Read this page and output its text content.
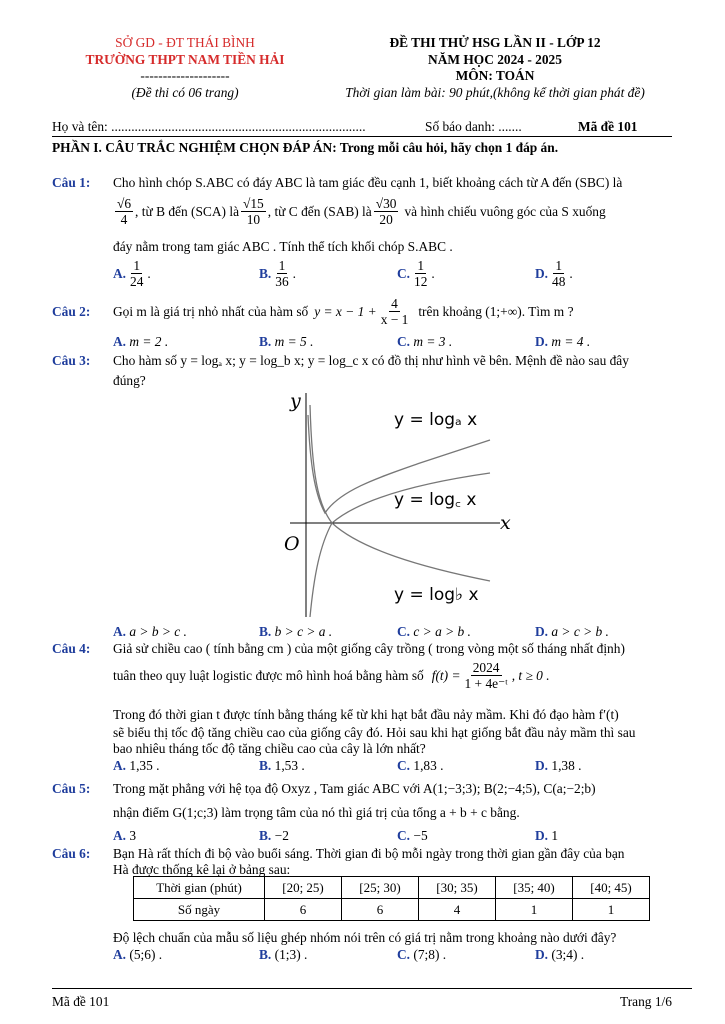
SỞ GD - ĐT THÁI BÌNH
TRƯỜNG THPT NAM TIỀN HẢI
--------------------
(Đề thi có 06 trang)
ĐỀ THI THỬ HSG LẦN II - LỚP 12
NĂM HỌC 2024 - 2025
MÔN: TOÁN
Thời gian làm bài: 90 phút,(không kể thời gian phát đề)
Họ và tên: ............................................................................	Số báo danh: .......	Mã đề 101
PHẦN I. CÂU TRẮC NGHIỆM CHỌN ĐÁP ÁN: Trong mỗi câu hỏi, hãy chọn 1 đáp án.
Câu 1: Cho hình chóp S.ABC có đáy ABC là tam giác đều cạnh 1, biết khoảng cách từ A đến (SBC) là
$\frac{√6}{4}$ , từ B đến (SCA) là $\frac{√15}{10}$ , từ C đến (SAB) là $\frac{√30}{20}$ và hình chiếu vuông góc của S xuống
đáy nằm trong tam giác ABC . Tính thể tích khối chóp S.ABC .
A. $\frac{1}{24}$ .	B. $\frac{1}{36}$ .	C. $\frac{1}{12}$ .	D. $\frac{1}{48}$ .
Câu 2: Gọi m là giá trị nhỏ nhất của hàm số $y = x - 1 + \frac{4}{x - 1}$ trên khoảng (1;+∞). Tìm m ?
A. m = 2 .	B. m = 5 .	C. m = 3 .	D. m = 4 .
Câu 3: Cho hàm số y = logₐ x; y = log_b x; y = log_c x có đồ thị như hình vẽ bên. Mệnh đề nào sau đây
đúng?
y
x
O
y = logₐ x
y = log꜀ x
y = log♭ x
A. a > b > c .	B. b > c > a .	C. c > a > b .	D. a > c > b .
Câu 4: Giả sử chiều cao ( tính bằng cm ) của một giống cây trồng ( trong vòng một số tháng nhất định)
tuân theo quy luật logistic được mô hình hoá bằng hàm số $f(t) = \frac{2024}{\text{1 + 4e⁻ᵗ}}$ , t ≥ 0 .
Trong đó thời gian t được tính bằng tháng kể từ khi hạt bắt đầu nảy mầm. Khi đó đạo hàm f′(t)
sẽ biểu thị tốc độ tăng chiều cao của giống cây đó. Hỏi sau khi hạt giống bắt đầu nảy mầm thì sau
bao nhiêu tháng tốc độ tăng chiều cao của cây là lớn nhất?
A. 1,35 .	B. 1,53 .	C. 1,83 .	D. 1,38 .
Câu 5: Trong mặt phẳng với hệ tọa độ Oxyz , Tam giác ABC với A(1;−3;3); B(2;−4;5), C(a;−2;b)
nhận điểm G(1;c;3) làm trọng tâm của nó thì giá trị của tổng a + b + c bằng.
A. 3	B. −2	C. −5	D. 1
Câu 6: Bạn Hà rất thích đi bộ vào buổi sáng. Thời gian đi bộ mỗi ngày trong thời gian gần đây của bạn
Hà được thống kê lại ở bảng sau:
Thời gian (phút)	[20; 25)	[25; 30)	[30; 35)	[35; 40)	[40; 45)
Số ngày	6	6	4	1	1
Độ lệch chuẩn của mẫu số liệu ghép nhóm nói trên có giá trị nằm trong khoảng nào dưới đây?
A. (5;6) .	B. (1;3) .	C. (7;8) .	D. (3;4) .
Mã đề 101	Trang 1/6
